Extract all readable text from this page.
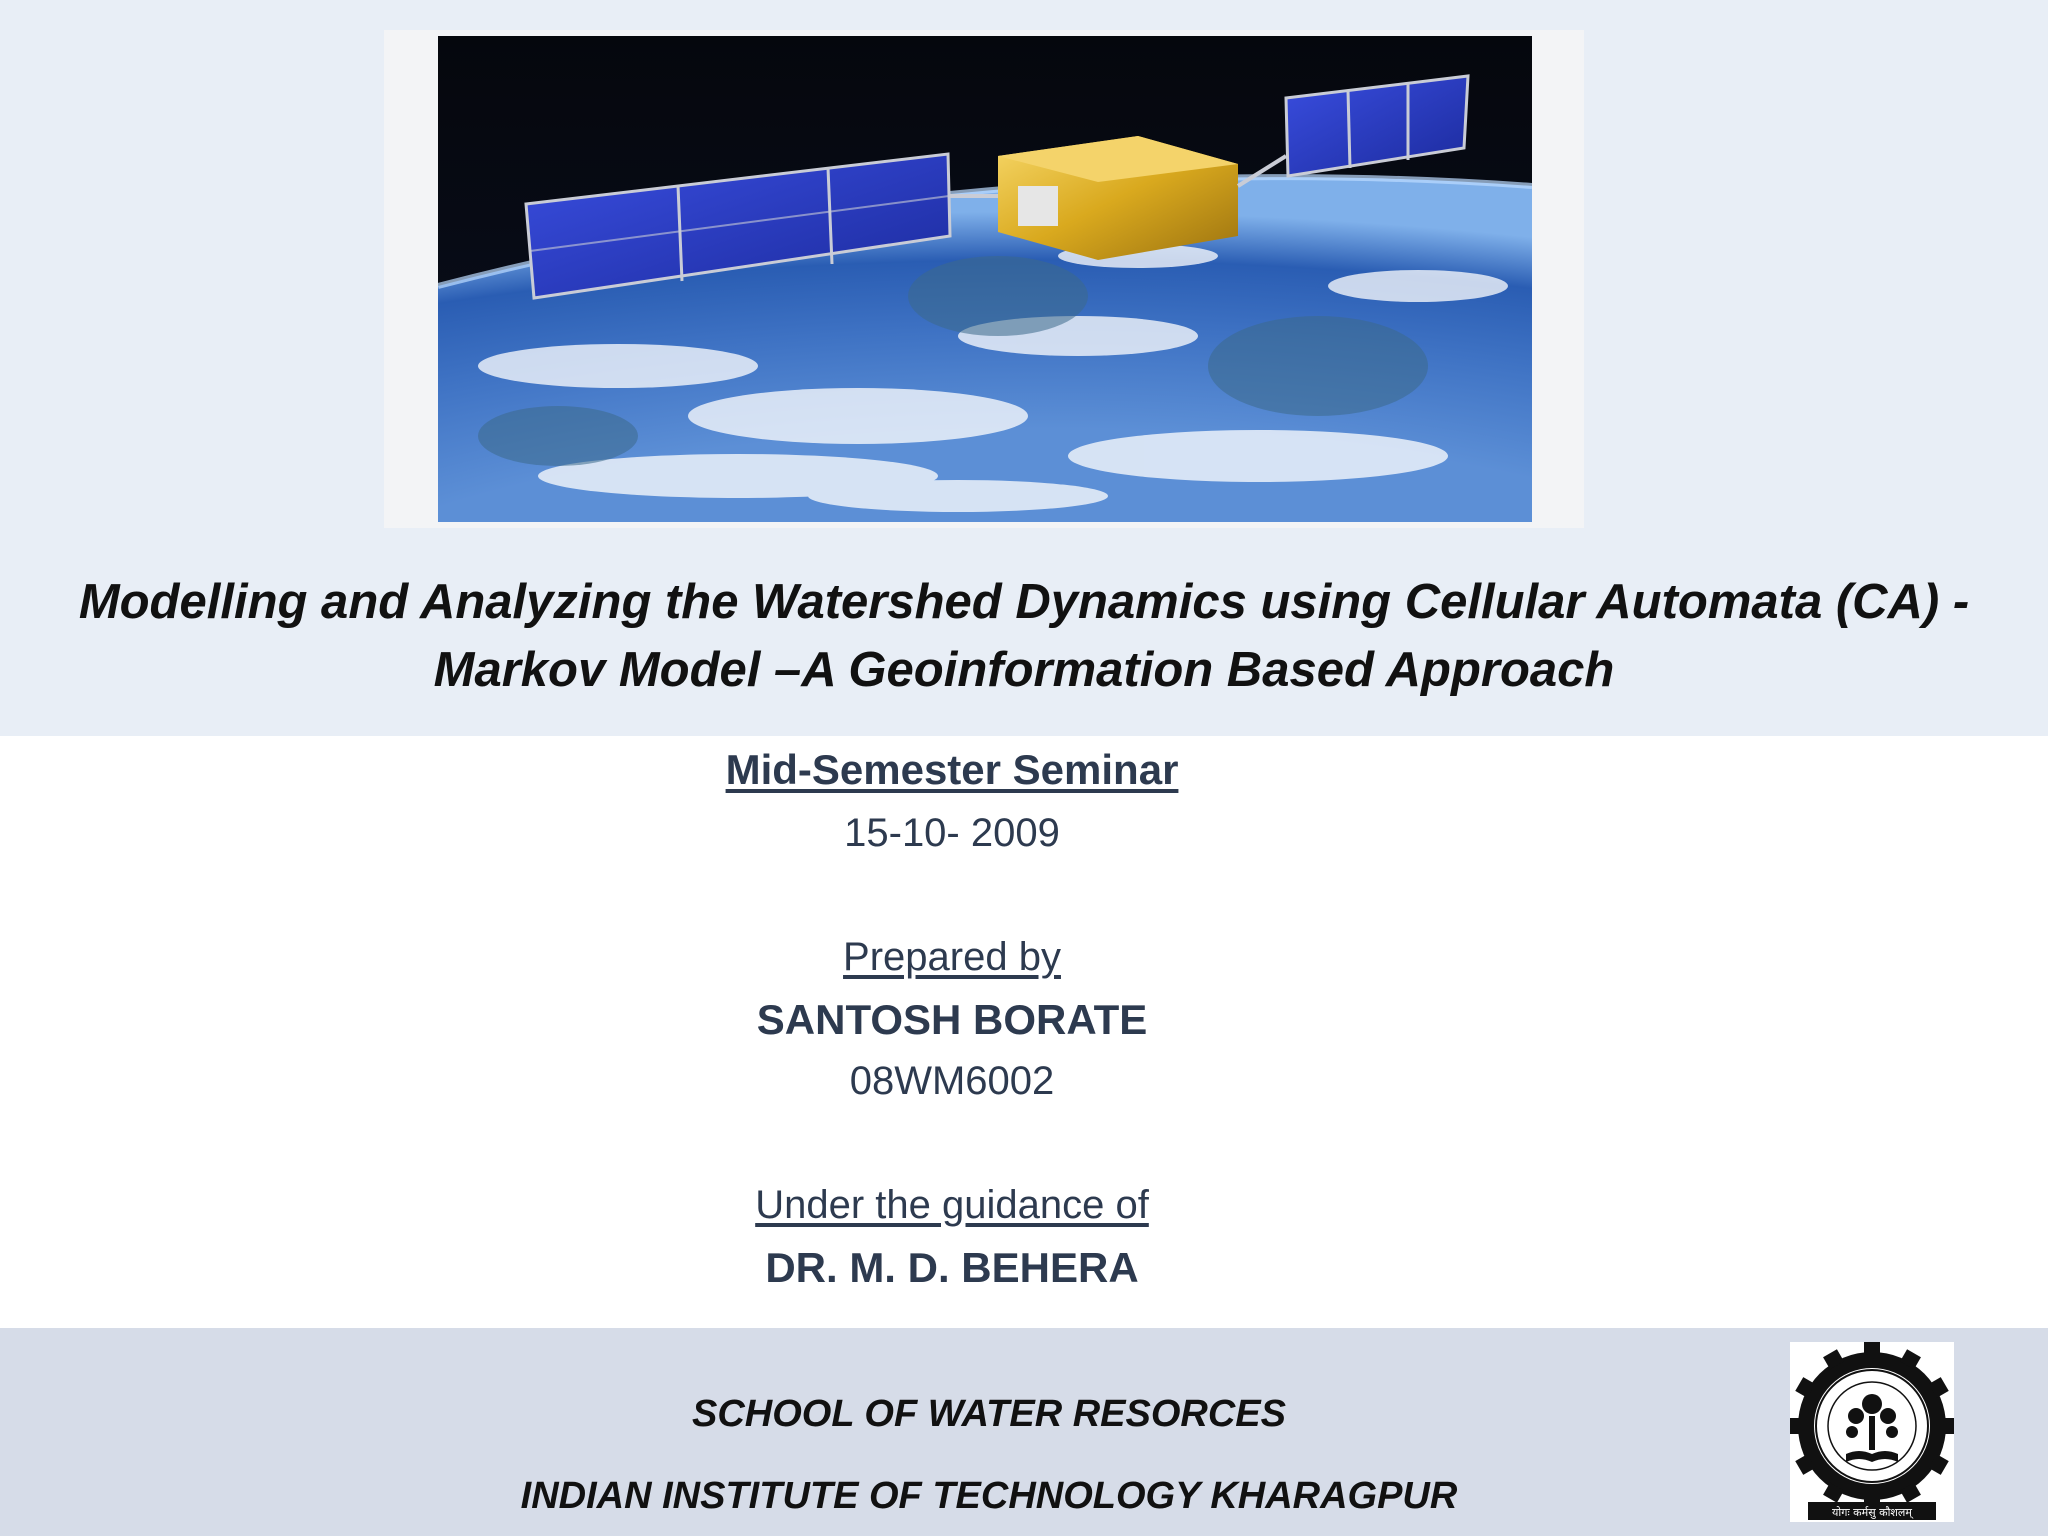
Modelling and Analyzing the Watershed Dynamics using Cellular Automata (CA) -
Markov Model –A Geoinformation Based Approach
Mid-Semester Seminar
15-10- 2009
Prepared by
SANTOSH BORATE
08WM6002
Under the guidance of
DR. M. D. BEHERA
SCHOOL OF WATER RESORCES
INDIAN INSTITUTE OF TECHNOLOGY KHARAGPUR	योगः कर्मसु कौशलम्
